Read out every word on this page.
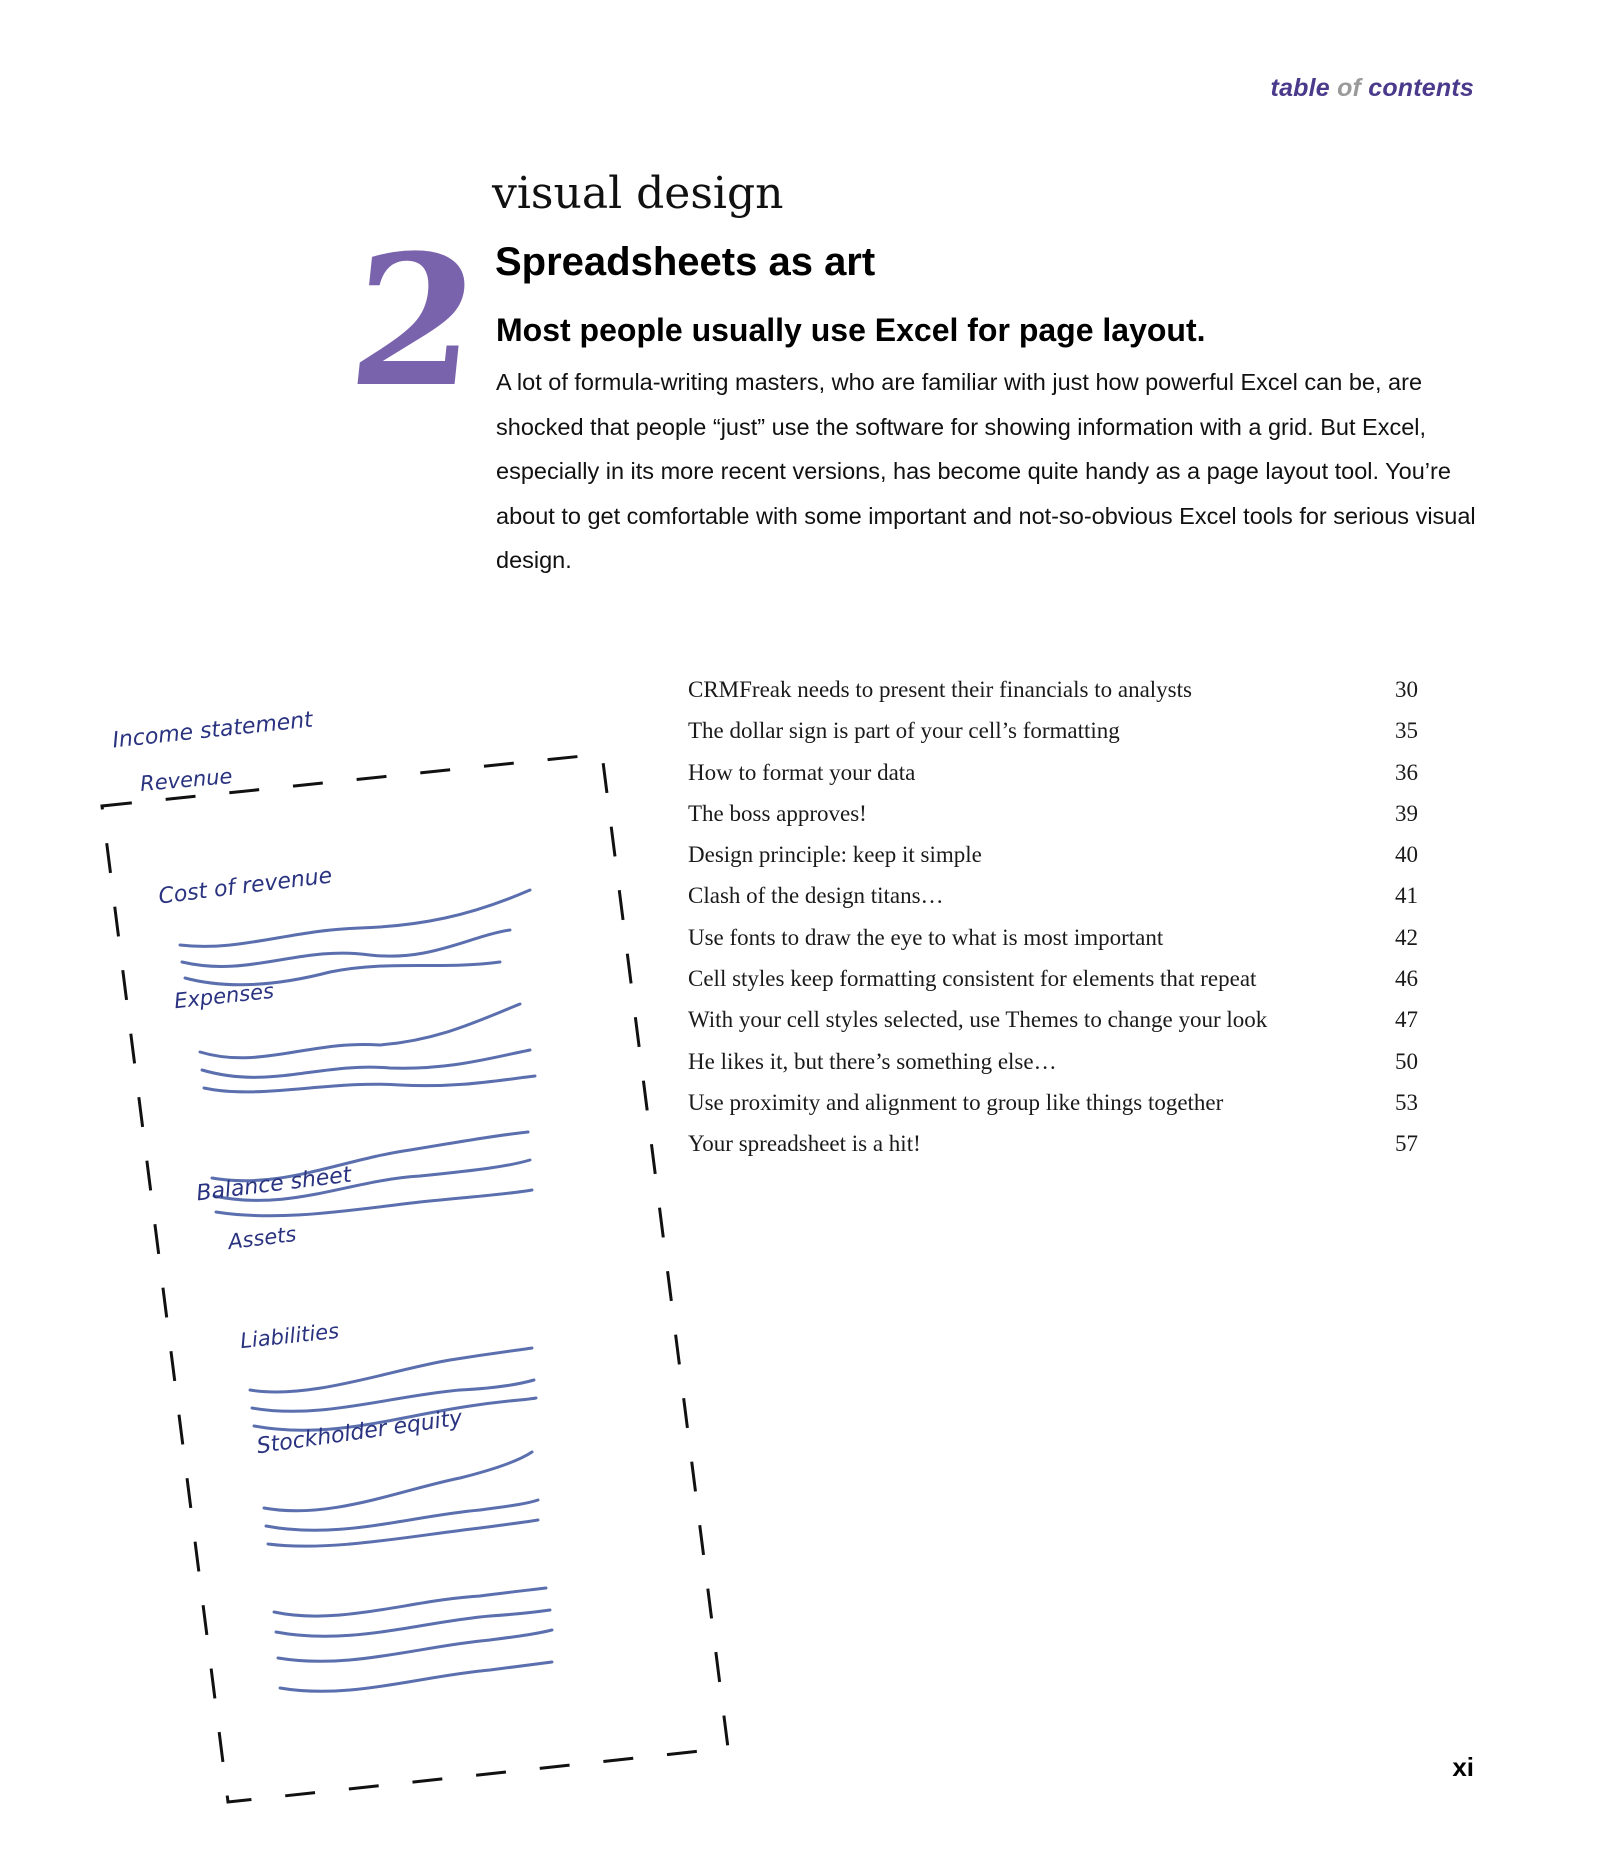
table of contents
2
visual design
Spreadsheets as art
Most people usually use Excel for page layout.
A lot of formula-writing masters, who are familiar with just how powerful Excel can be, are shocked that people “just” use the software for showing information with a grid. But Excel, especially in its more recent versions, has become quite handy as a page layout tool. You’re about to get comfortable with some important and not-so-obvious Excel tools for serious visual design.
CRMFreak needs to present their financials to analysts	30
The dollar sign is part of your cell’s formatting	35
How to format your data	36
The boss approves!	39
Design principle: keep it simple	40
Clash of the design titans…	41
Use fonts to draw the eye to what is most important	42
Cell styles keep formatting consistent for elements that repeat	46
With your cell styles selected, use Themes to change your look	47
He likes it, but there’s something else…	50
Use proximity and alignment to group like things together	53
Your spreadsheet is a hit!	57
Income statement
Revenue
Cost of revenue
Expenses
Balance sheet
Assets
Liabilities
Stockholder equity
xi
